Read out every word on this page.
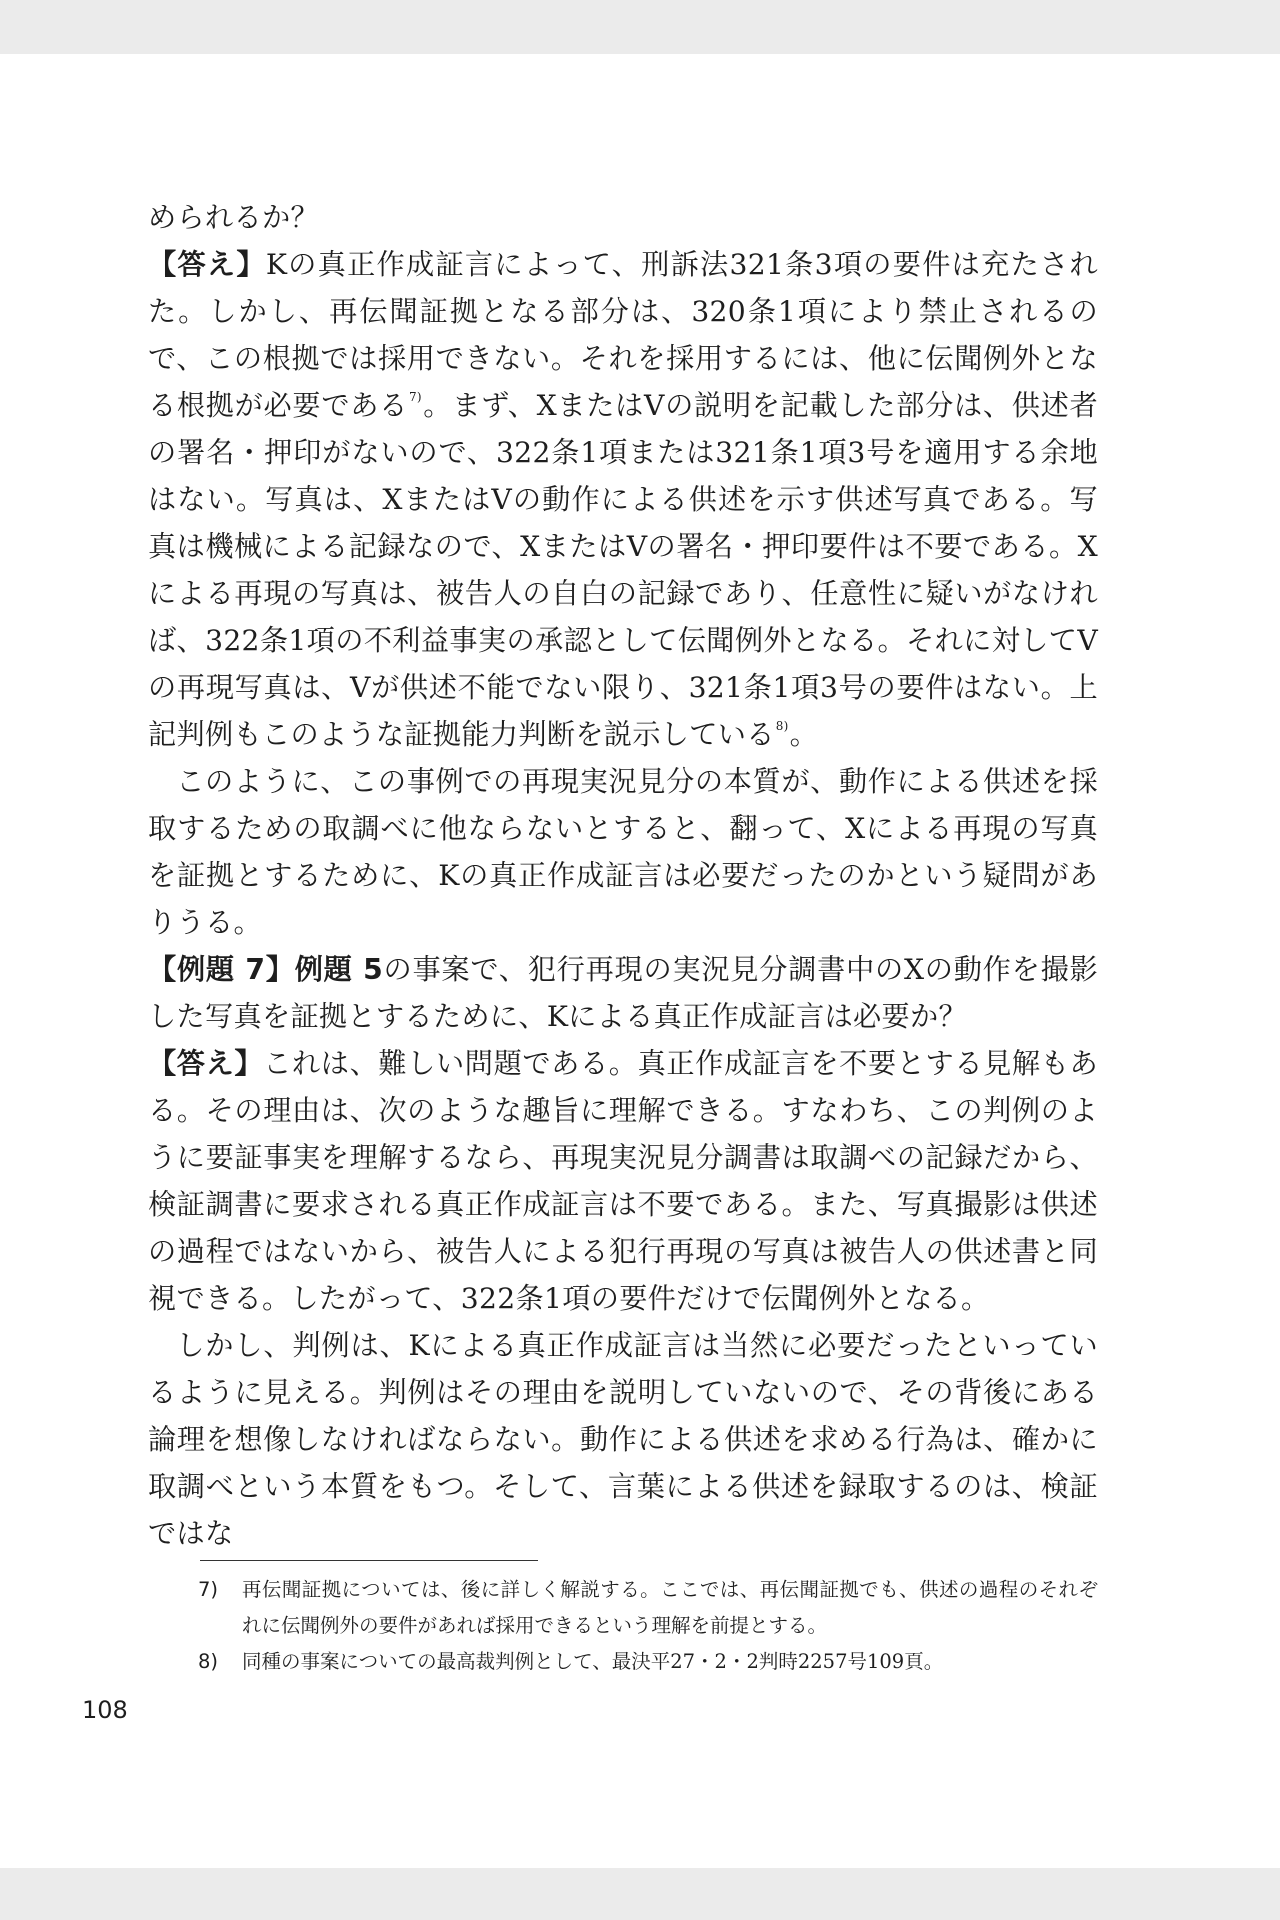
められるか？

【答え】Kの真正作成証言によって、刑訴法321条3項の要件は充たされた。しかし、再伝聞証拠となる部分は、320条1項により禁止されるので、この根拠では採用できない。それを採用するには、他に伝聞例外となる根拠が必要である$^{7)}$。まず、XまたはVの説明を記載した部分は、供述者の署名・押印がないので、322条1項または321条1項3号を適用する余地はない。写真は、XまたはVの動作による供述を示す供述写真である。写真は機械による記録なので、XまたはVの署名・押印要件は不要である。Xによる再現の写真は、被告人の自白の記録であり、任意性に疑いがなければ、322条1項の不利益事実の承認として伝聞例外となる。それに対してVの再現写真は、Vが供述不能でない限り、321条1項3号の要件はない。上記判例もこのような証拠能力判断を説示している$^{8)}$。

このように、この事例での再現実況見分の本質が、動作による供述を採取するための取調べに他ならないとすると、翻って、Xによる再現の写真を証拠とするために、Kの真正作成証言は必要だったのかという疑問がありうる。

【例題 7】例題 5の事案で、犯行再現の実況見分調書中のXの動作を撮影した写真を証拠とするために、Kによる真正作成証言は必要か？

【答え】これは、難しい問題である。真正作成証言を不要とする見解もある。その理由は、次のような趣旨に理解できる。すなわち、この判例のように要証事実を理解するなら、再現実況見分調書は取調べの記録だから、検証調書に要求される真正作成証言は不要である。また、写真撮影は供述の過程ではないから、被告人による犯行再現の写真は被告人の供述書と同視できる。したがって、322条1項の要件だけで伝聞例外となる。

しかし、判例は、Kによる真正作成証言は当然に必要だったといっているように見える。判例はその理由を説明していないので、その背後にある論理を想像しなければならない。動作による供述を求める行為は、確かに取調べという本質をもつ。そして、言葉による供述を録取するのは、検証ではな

7)	再伝聞証拠については、後に詳しく解説する。ここでは、再伝聞証拠でも、供述の過程のそれぞれに伝聞例外の要件があれば採用できるという理解を前提とする。
8)	同種の事案についての最高裁判例として、最決平27・2・2判時2257号109頁。
108
